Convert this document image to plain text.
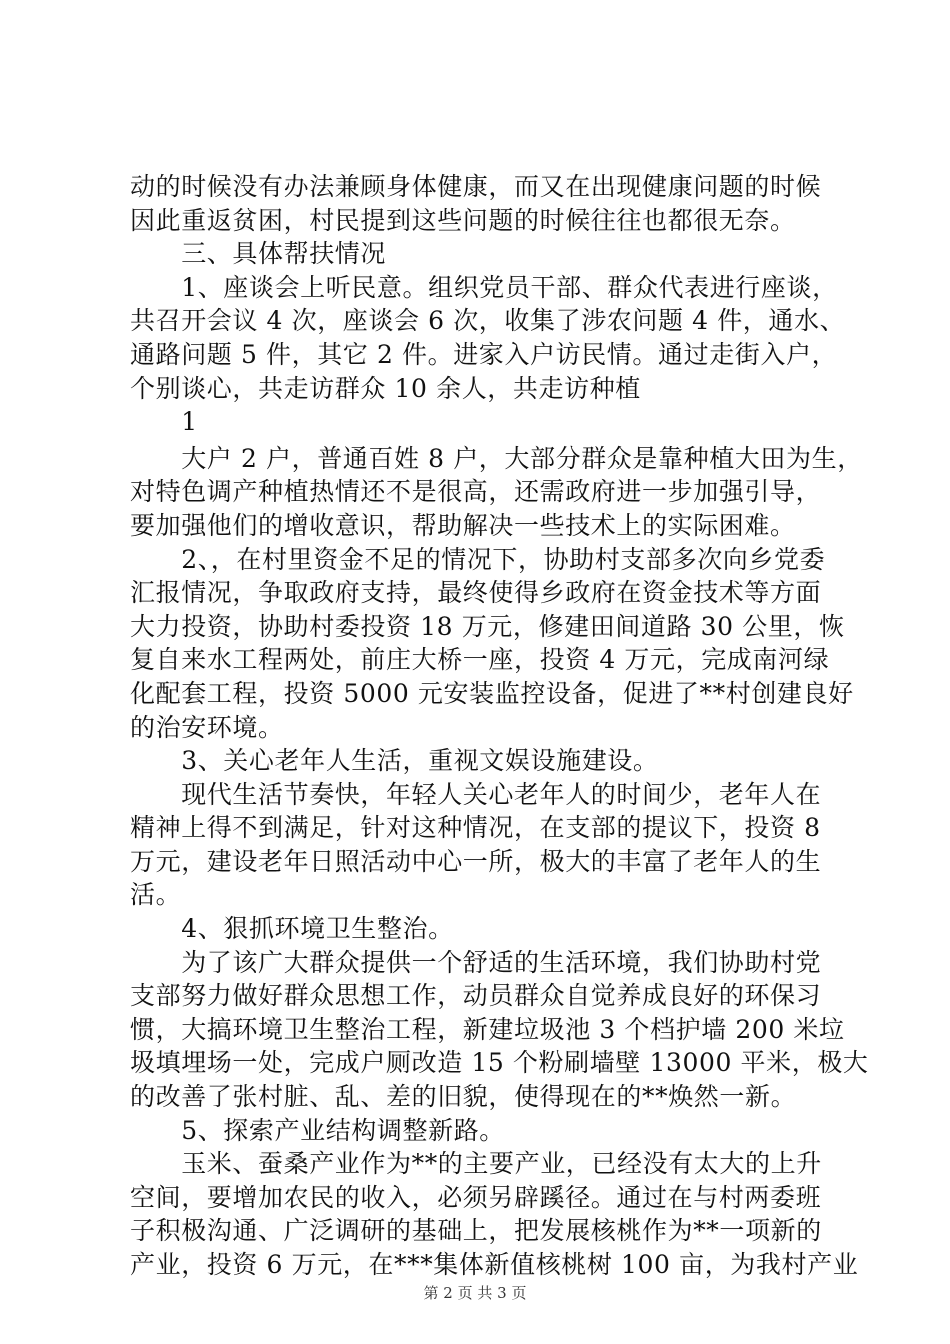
动的时候没有办法兼顾身体健康，而又在出现健康问题的时候
因此重返贫困，村民提到这些问题的时候往往也都很无奈。
　　三、具体帮扶情况
　　1、座谈会上听民意。组织党员干部、群众代表进行座谈，
共召开会议 4 次，座谈会 6 次，收集了涉农问题 4 件，通水、
通路问题 5 件，其它 2 件。进家入户访民情。通过走街入户，
个别谈心，共走访群众 10 余人，共走访种植
　　1
　　大户 2 户，普通百姓 8 户，大部分群众是靠种植大田为生，
对特色调产种植热情还不是很高，还需政府进一步加强引导，
要加强他们的增收意识，帮助解决一些技术上的实际困难。
　　2、，在村里资金不足的情况下，协助村支部多次向乡党委
汇报情况，争取政府支持，最终使得乡政府在资金技术等方面
大力投资，协助村委投资 18 万元，修建田间道路 30 公里，恢
复自来水工程两处，前庄大桥一座，投资 4 万元，完成南河绿
化配套工程，投资 5000 元安装监控设备，促进了**村创建良好
的治安环境。
　　3、关心老年人生活，重视文娱设施建设。
　　现代生活节奏快，年轻人关心老年人的时间少，老年人在
精神上得不到满足，针对这种情况，在支部的提议下，投资 8
万元，建设老年日照活动中心一所，极大的丰富了老年人的生
活。
　　4、狠抓环境卫生整治。
　　为了该广大群众提供一个舒适的生活环境，我们协助村党
支部努力做好群众思想工作，动员群众自觉养成良好的环保习
惯，大搞环境卫生整治工程，新建垃圾池 3 个档护墙 200 米垃
圾填埋场一处，完成户厕改造 15 个粉刷墙壁 13000 平米，极大
的改善了张村脏、乱、差的旧貌，使得现在的**焕然一新。
　　5、探索产业结构调整新路。
　　玉米、蚕桑产业作为**的主要产业，已经没有太大的上升
空间，要增加农民的收入，必须另辟蹊径。通过在与村两委班
子积极沟通、广泛调研的基础上，把发展核桃作为**一项新的
产业，投资 6 万元，在***集体新值核桃树 100 亩，为我村产业
第 2 页 共 3 页
